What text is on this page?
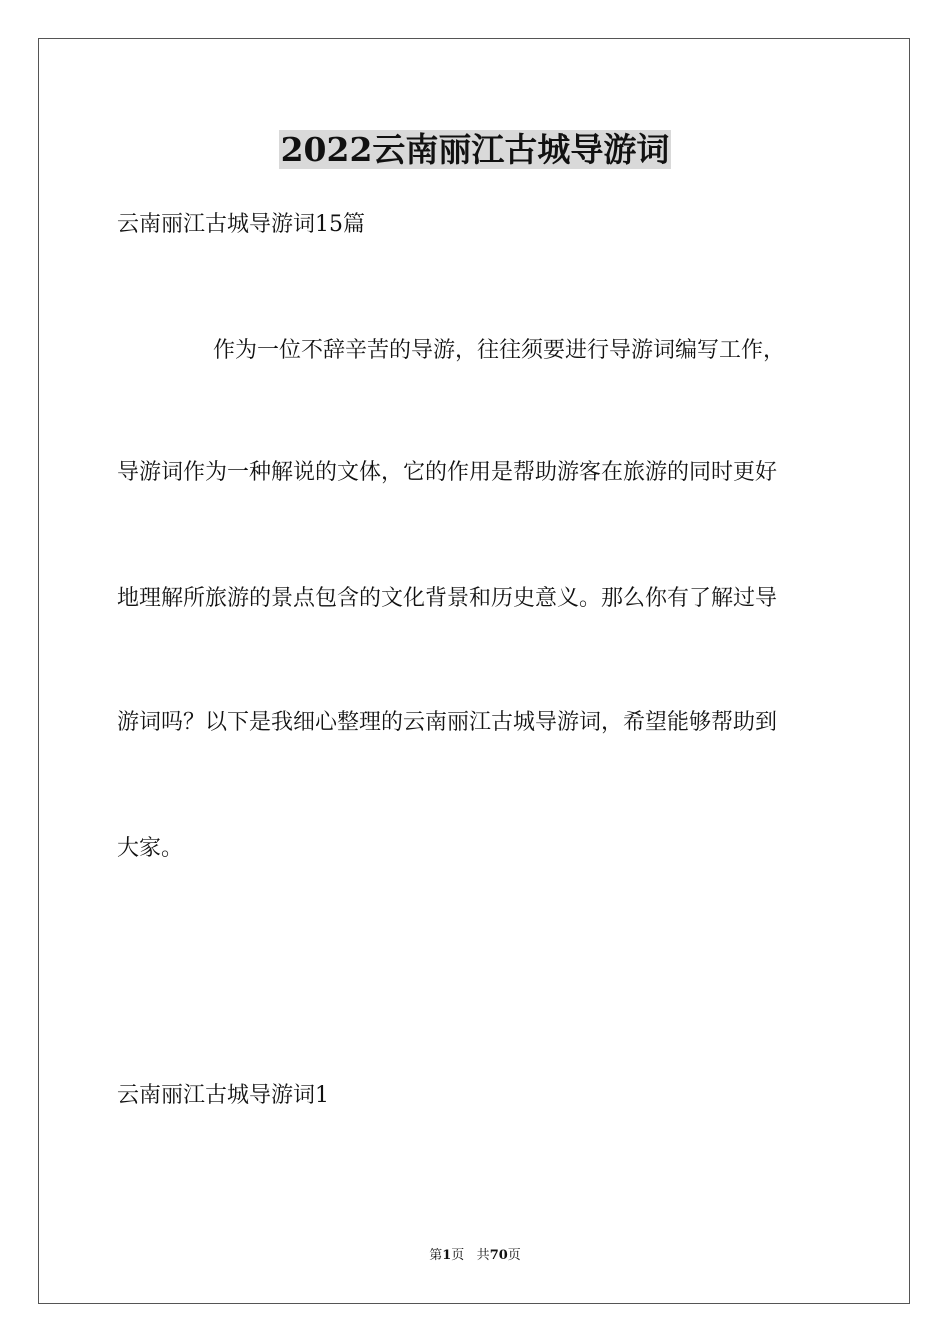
2022云南丽江古城导游词
云南丽江古城导游词15篇
作为一位不辞辛苦的导游，往往须要进行导游词编写工作，
导游词作为一种解说的文体，它的作用是帮助游客在旅游的同时更好
地理解所旅游的景点包含的文化背景和历史意义。那么你有了解过导
游词吗？以下是我细心整理的云南丽江古城导游词，希望能够帮助到
大家。
云南丽江古城导游词1
第1页 共70页
